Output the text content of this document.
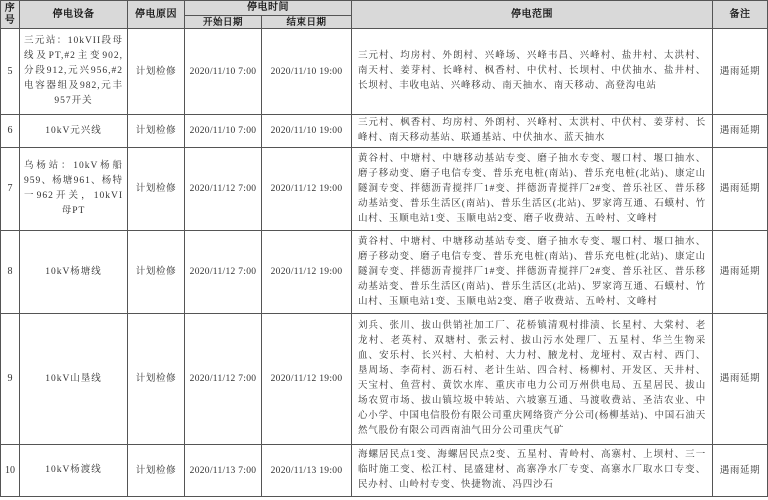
序号
停电设备	停电原因
停电时间
开始日期	结束日期
停电范围	备注
5
三元站：10kVII段母线及PT,#2主变902,分段912,元兴956,#2电容器组及982,元丰957开关
计划检修	2020/11/10 7:00	2020/11/10 19:00
三元村、均房村、外朗村、兴峰场、兴峰韦昌、兴峰村、盐井村、太洪村、南天村、姜芽村、长峰村、枫香村、中伏村、长坝村、中伏抽水、盐井村、长坝村、丰收电站、兴峰移动、南天抽水、南天移动、高登沟电站
遇雨延期
6	10kV元兴线	计划检修	2020/11/10 7:00	2020/11/10 19:00
三元村、枫香村、均房村、外朗村、兴峰村、太洪村、中伏村、姜芽村、长峰村、南天移动基站、联通基站、中伏抽水、蓝天抽水
遇雨延期
7
乌杨站：10kV杨船959、杨塘961、杨特一962开关，10kVI母PT
计划检修	2020/11/12 7:00	2020/11/12 19:00
黄谷村、中塘村、中塘移动基站专变、磨子抽水专变、堰口村、堰口抽水、磨子移动变、磨子电信专变、普乐充电桩(南站)、普乐充电桩(北站)、康定山隧洞专变、拌德沥青搅拌厂1#变、拌德沥青搅拌厂2#变、普乐社区、普乐移动基站变、普乐生活区(南站)、普乐生活区(北站)、罗家湾互通、石蟆村、竹山村、玉顺电站1变、玉顺电站2变、磨子收费站、五岭村、文峰村
遇雨延期
8	10kV杨塘线	计划检修	2020/11/12 7:00	2020/11/12 19:00
黄谷村、中塘村、中塘移动基站专变、磨子抽水专变、堰口村、堰口抽水、磨子移动变、磨子电信专变、普乐充电桩(南站)、普乐充电桩(北站)、康定山隧洞专变、拌德沥青搅拌厂1#变、拌德沥青搅拌厂2#变、普乐社区、普乐移动基站变、普乐生活区(南站)、普乐生活区(北站)、罗家湾互通、石蟆村、竹山村、玉顺电站1变、玉顺电站2变、磨子收费站、五岭村、文峰村
遇雨延期
9	10kV山垦线	计划检修	2020/11/12 7:00	2020/11/12 19:00
刘兵、张川、拔山供销社加工厂、花桥镇清观村排渍、长星村、大棠村、老龙村、老英村、双塘村、张云村、拔山污水处理厂、五星村、华兰生物采血、安乐村、长兴村、大柏村、大力村、腋龙村、龙垭村、双古村、西门、垦周场、李荷村、沥石村、老计生站、四合村、杨柳村、开发区、天井村、天宝村、鱼营村、黄饮水库、重庆市电力公司万州供电局、五星居民、拔山场农贸市场、拔山镇垃圾中转站、六坡寨互通、马渡收费站、圣洁农业、中心小学、中国电信股份有限公司重庆网络资产分公司(杨柳基站)、中国石油天然气股份有限公司西南油气田分公司重庆气矿
遇雨延期
10	10kV杨渡线	计划检修	2020/11/13 7:00	2020/11/13 19:00
海螺居民点1变、海螺居民点2变、五星村、青岭村、高寨村、上坝村、三一临时施工变、松江村、昆盛建材、高寨净水厂专变、高寨水厂取水口专变、民办村、山岭村专变、快捷物流、冯四沙石
遇雨延期
